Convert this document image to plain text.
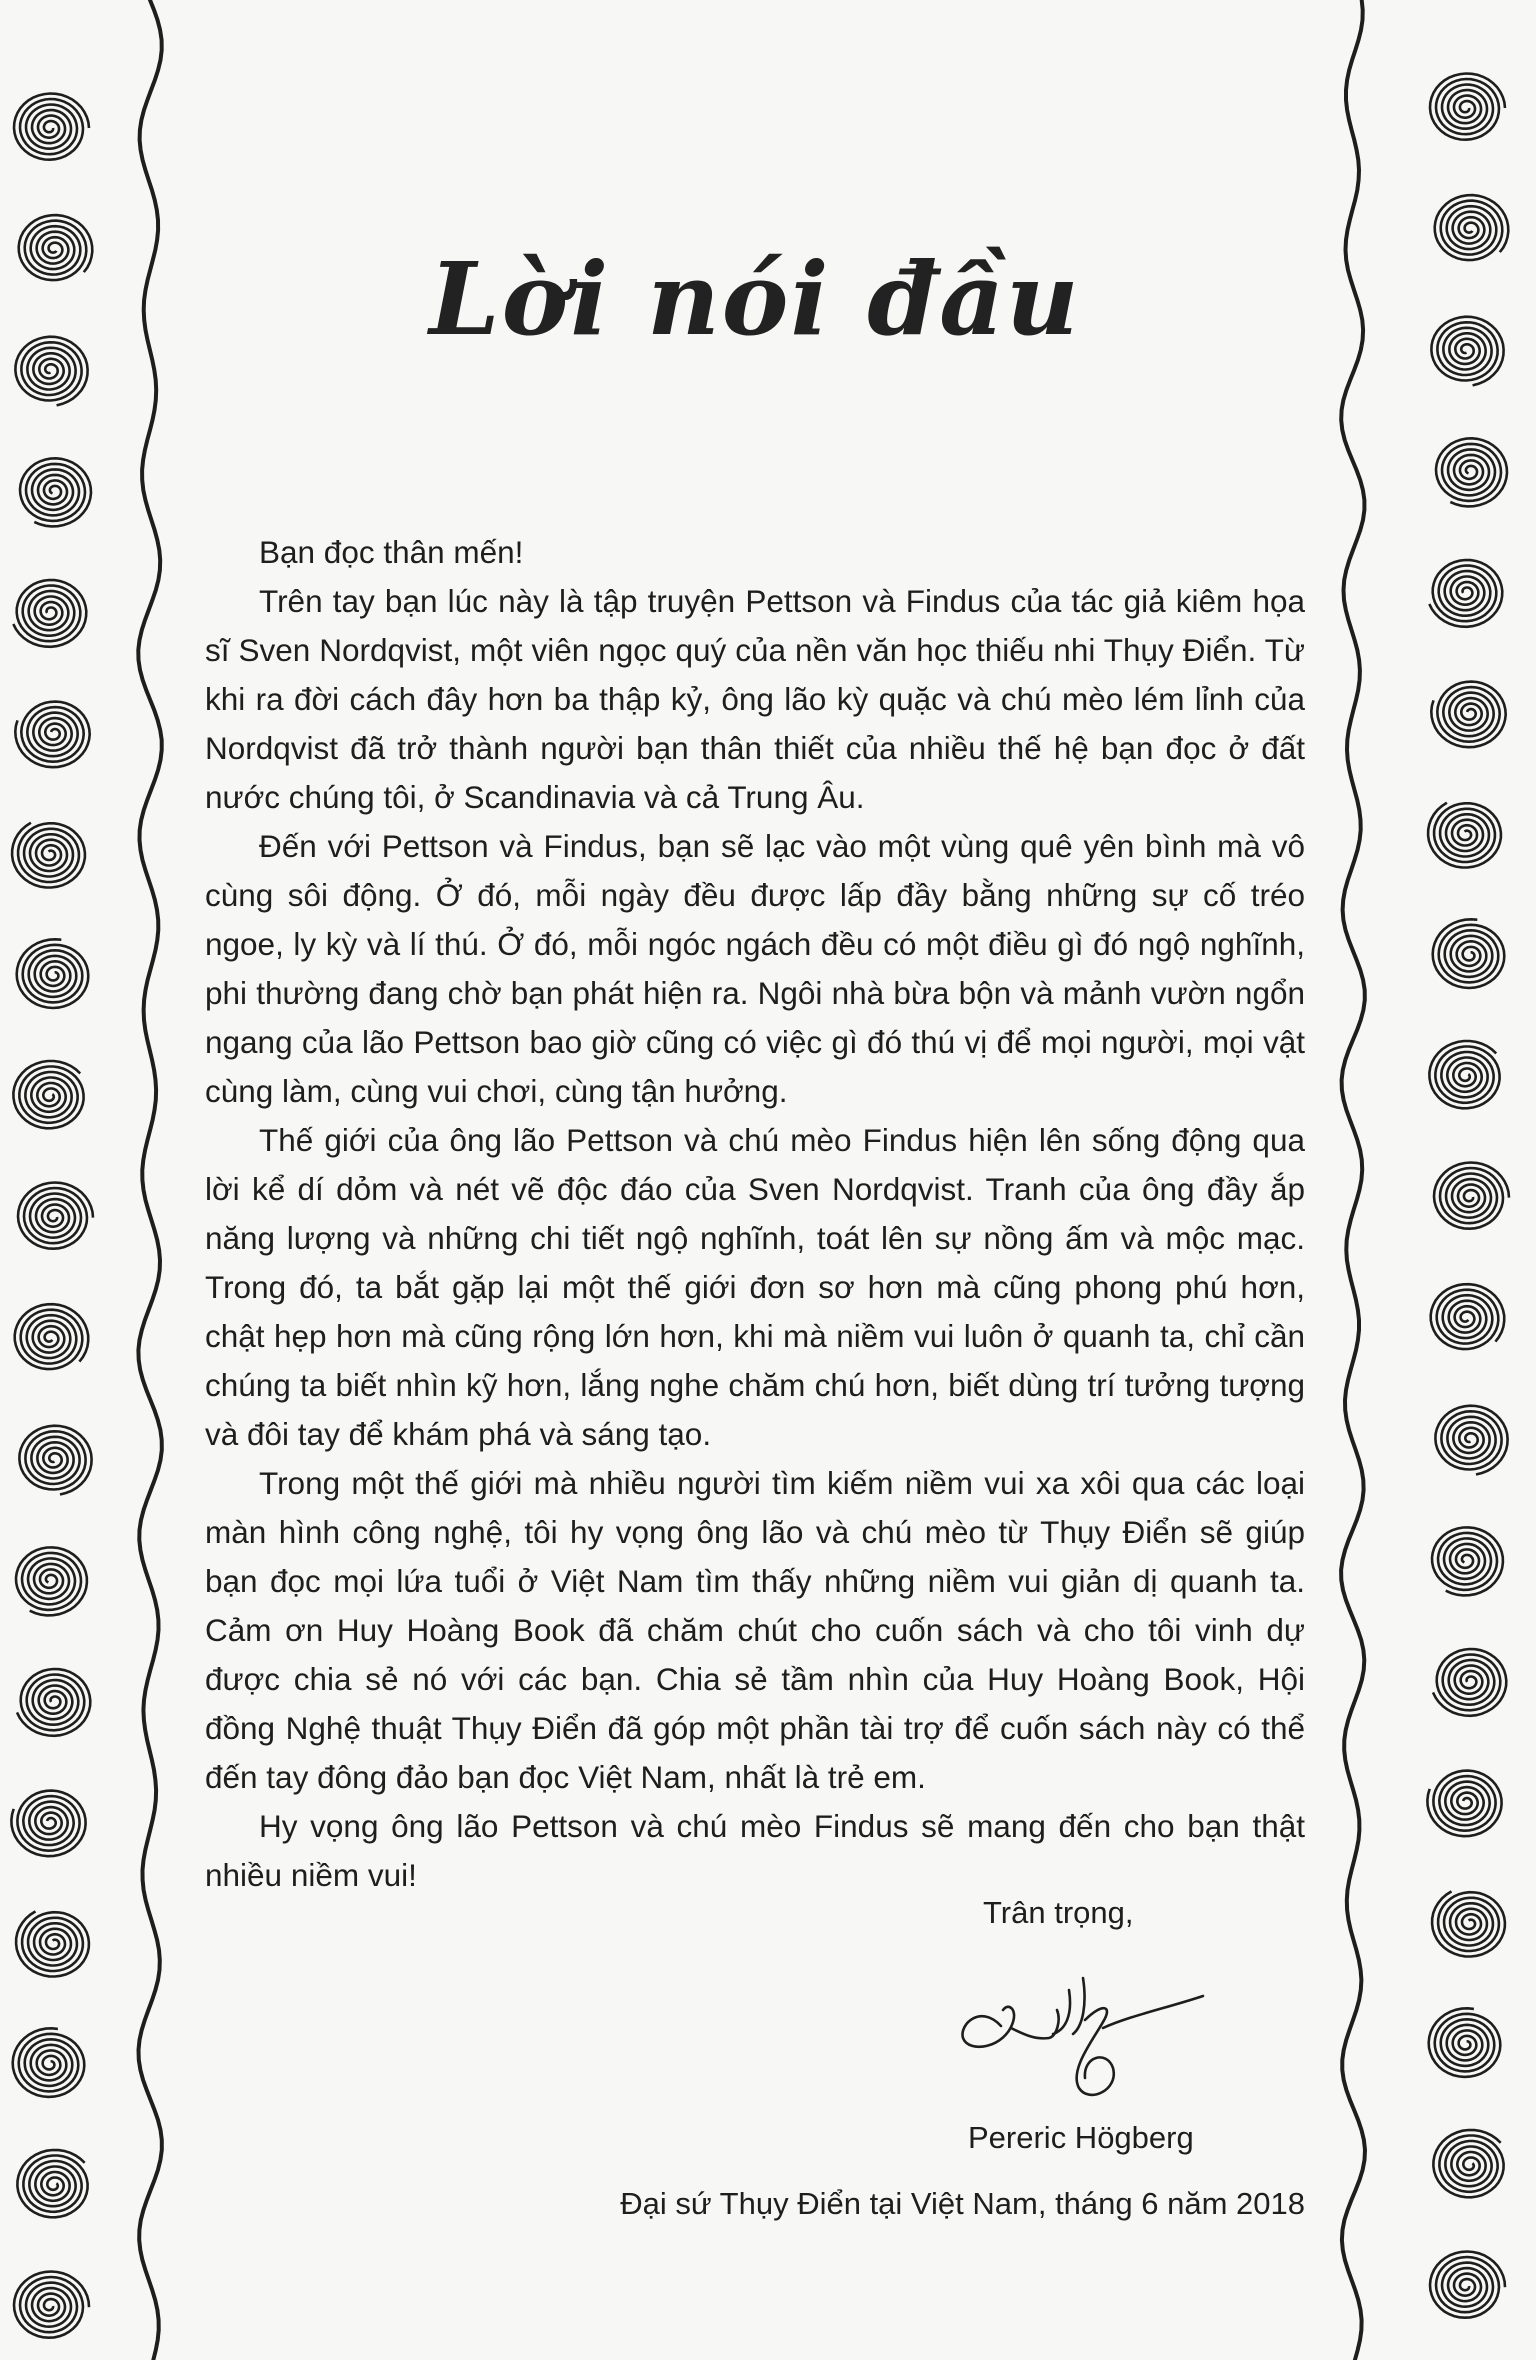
Lời nói đầu

Bạn đọc thân mến!

Trên tay bạn lúc này là tập truyện Pettson và Findus của tác giả kiêm họa sĩ Sven Nordqvist, một viên ngọc quý của nền văn học thiếu nhi Thụy Điển. Từ khi ra đời cách đây hơn ba thập kỷ, ông lão kỳ quặc và chú mèo lém lỉnh của Nordqvist đã trở thành người bạn thân thiết của nhiều thế hệ bạn đọc ở đất nước chúng tôi, ở Scandinavia và cả Trung Âu.

Đến với Pettson và Findus, bạn sẽ lạc vào một vùng quê yên bình mà vô cùng sôi động. Ở đó, mỗi ngày đều được lấp đầy bằng những sự cố tréo ngoe, ly kỳ và lí thú. Ở đó, mỗi ngóc ngách đều có một điều gì đó ngộ nghĩnh, phi thường đang chờ bạn phát hiện ra. Ngôi nhà bừa bộn và mảnh vườn ngổn ngang của lão Pettson bao giờ cũng có việc gì đó thú vị để mọi người, mọi vật cùng làm, cùng vui chơi, cùng tận hưởng.

Thế giới của ông lão Pettson và chú mèo Findus hiện lên sống động qua lời kể dí dỏm và nét vẽ độc đáo của Sven Nordqvist. Tranh của ông đầy ắp năng lượng và những chi tiết ngộ nghĩnh, toát lên sự nồng ấm và mộc mạc. Trong đó, ta bắt gặp lại một thế giới đơn sơ hơn mà cũng phong phú hơn, chật hẹp hơn mà cũng rộng lớn hơn, khi mà niềm vui luôn ở quanh ta, chỉ cần chúng ta biết nhìn kỹ hơn, lắng nghe chăm chú hơn, biết dùng trí tưởng tượng và đôi tay để khám phá và sáng tạo.

Trong một thế giới mà nhiều người tìm kiếm niềm vui xa xôi qua các loại màn hình công nghệ, tôi hy vọng ông lão và chú mèo từ Thụy Điển sẽ giúp bạn đọc mọi lứa tuổi ở Việt Nam tìm thấy những niềm vui giản dị quanh ta. Cảm ơn Huy Hoàng Book đã chăm chút cho cuốn sách và cho tôi vinh dự được chia sẻ nó với các bạn. Chia sẻ tầm nhìn của Huy Hoàng Book, Hội đồng Nghệ thuật Thụy Điển đã góp một phần tài trợ để cuốn sách này có thể đến tay đông đảo bạn đọc Việt Nam, nhất là trẻ em.

Hy vọng ông lão Pettson và chú mèo Findus sẽ mang đến cho bạn thật nhiều niềm vui!

Trân trọng,
Pereric Högberg
Đại sứ Thụy Điển tại Việt Nam, tháng 6 năm 2018
